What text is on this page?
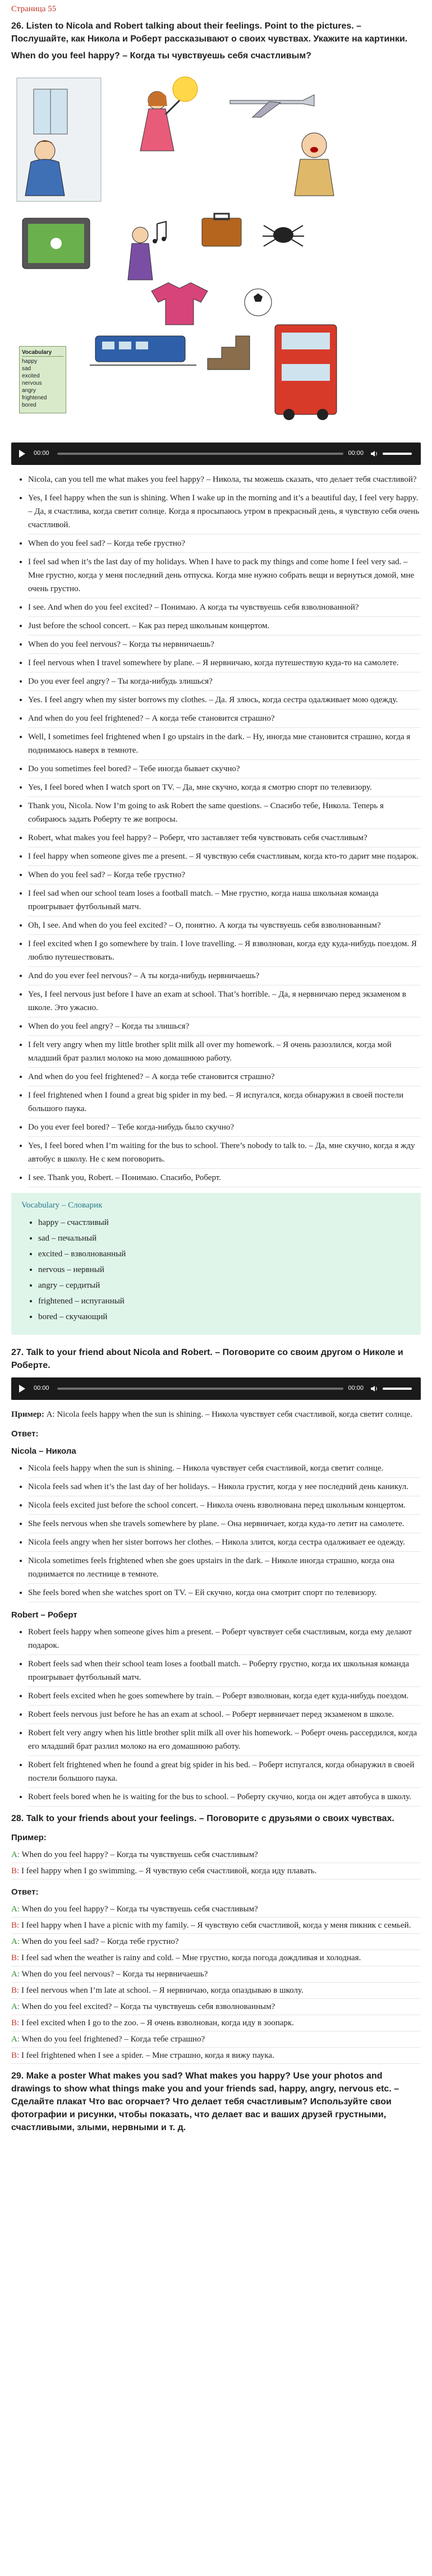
Страница 55
26. Listen to Nicola and Robert talking about their feelings. Point to the pictures. – Послушайте, как Никола и Роберт рассказывают о своих чувствах. Укажите на картинки.
When do you feel happy? – Когда ты чувствуешь себя счастливым?
Vocabulary
happy
sad
excited
nervous
angry
frightened
bored
00:00	00:00
• Nicola, can you tell me what makes you feel happy? – Никола, ты можешь сказать, что делает тебя счастливой?
• Yes, I feel happy when the sun is shining. When I wake up in the morning and it’s a beautiful day, I feel very happy. – Да, я счастлива, когда светит солнце. Когда я просыпаюсь утром в прекрасный день, я чувствую себя очень счастливой.
• When do you feel sad? – Когда тебе грустно?
• I feel sad when it’s the last day of my holidays. When I have to pack my things and come home I feel very sad. – Мне грустно, когда у меня последний день отпуска. Когда мне нужно собрать вещи и вернуться домой, мне очень грустно.
• I see. And when do you feel excited? – Понимаю. А когда ты чувствуешь себя взволнованной?
• Just before the school concert. – Как раз перед школьным концертом.
• When do you feel nervous? – Когда ты нервничаешь?
• I feel nervous when I travel somewhere by plane. – Я нервничаю, когда путешествую куда-то на самолете.
• Do you ever feel angry? – Ты когда-нибудь злишься?
• Yes. I feel angry when my sister borrows my clothes. – Да. Я злюсь, когда сестра одалживает мою одежду.
• And when do you feel frightened? – А когда тебе становится страшно?
• Well, I sometimes feel frightened when I go upstairs in the dark. – Ну, иногда мне становится страшно, когда я поднимаюсь наверх в темноте.
• Do you sometimes feel bored? – Тебе иногда бывает скучно?
• Yes, I feel bored when I watch sport on TV. – Да, мне скучно, когда я смотрю спорт по телевизору.
• Thank you, Nicola. Now I’m going to ask Robert the same questions. – Спасибо тебе, Никола. Теперь я собираюсь задать Роберту те же вопросы.
• Robert, what makes you feel happy? – Роберт, что заставляет тебя чувствовать себя счастливым?
• I feel happy when someone gives me a present. – Я чувствую себя счастливым, когда кто-то дарит мне подарок.
• When do you feel sad? – Когда тебе грустно?
• I feel sad when our school team loses a football match. – Мне грустно, когда наша школьная команда проигрывает футбольный матч.
• Oh, I see. And when do you feel excited? – О, понятно. А когда ты чувствуешь себя взволнованным?
• I feel excited when I go somewhere by train. I love travelling. – Я взволнован, когда еду куда-нибудь поездом. Я люблю путешествовать.
• And do you ever feel nervous? – А ты когда-нибудь нервничаешь?
• Yes, I feel nervous just before I have an exam at school. That’s horrible. – Да, я нервничаю перед экзаменом в школе. Это ужасно.
• When do you feel angry? – Когда ты злишься?
• I felt very angry when my little brother split milk all over my homework. – Я очень разозлился, когда мой младший брат разлил молоко на мою домашнюю работу.
• And when do you feel frightened? – А когда тебе становится страшно?
• I feel frightened when I found a great big spider in my bed. – Я испугался, когда обнаружил в своей постели большого паука.
• Do you ever feel bored? – Тебе когда-нибудь было скучно?
• Yes, I feel bored when I’m waiting for the bus to school. There’s nobody to talk to. – Да, мне скучно, когда я жду автобус в школу. Не с кем поговорить.
• I see. Thank you, Robert. – Понимаю. Спасибо, Роберт.
Vocabulary – Словарик
• happy – счастливый
• sad – печальный
• excited – взволнованный
• nervous – нервный
• angry – сердитый
• frightened – испуганный
• bored – скучающий
27. Talk to your friend about Nicola and Robert. – Поговорите со своим другом о Николе и Роберте.
00:00	00:00

Пример: A: Nicola feels happy when the sun is shining. – Никола чувствует себя счастливой, когда светит солнце.

Ответ:
Nicola – Никола
• Nicola feels happy when the sun is shining. – Никола чувствует себя счастливой, когда светит солнце.
• Nicola feels sad when it’s the last day of her holidays. – Никола грустит, когда у нее последний день каникул.
• Nicola feels excited just before the school concert. – Никола очень взволнована перед школьным концертом.
• She feels nervous when she travels somewhere by plane. – Она нервничает, когда куда-то летит на самолете.
• Nicola feels angry when her sister borrows her clothes. – Никола злится, когда сестра одалживает ее одежду.
• Nicola sometimes feels frightened when she goes upstairs in the dark. – Николе иногда страшно, когда она поднимается по лестнице в темноте.
• She feels bored when she watches sport on TV. – Ей скучно, когда она смотрит спорт по телевизору.
Robert – Роберт
• Robert feels happy when someone gives him a present. – Роберт чувствует себя счастливым, когда ему делают подарок.
• Robert feels sad when their school team loses a football match. – Роберту грустно, когда их школьная команда проигрывает футбольный матч.
• Robert feels excited when he goes somewhere by train. – Роберт взволнован, когда едет куда-нибудь поездом.
• Robert feels nervous just before he has an exam at school. – Роберт нервничает перед экзаменом в школе.
• Robert felt very angry when his little brother split milk all over his homework. – Роберт очень рассердился, когда его младший брат разлил молоко на его домашнюю работу.
• Robert felt frightened when he found a great big spider in his bed. – Роберт испугался, когда обнаружил в своей постели большого паука.
• Robert feels bored when he is waiting for the bus to school. – Роберту скучно, когда он ждет автобуса в школу.
28. Talk to your friends about your feelings. – Поговорите с друзьями о своих чувствах.
Пример:
A: When do you feel happy? – Когда ты чувствуешь себя счастливым?
B: I feel happy when I go swimming. – Я чувствую себя счастливой, когда иду плавать.
Ответ:
A: When do you feel happy? – Когда ты чувствуешь себя счастливым?
B: I feel happy when I have a picnic with my family. – Я чувствую себя счастливой, когда у меня пикник с семьей.
A: When do you feel sad? – Когда тебе грустно?
B: I feel sad when the weather is rainy and cold. – Мне грустно, когда погода дождливая и холодная.
A: When do you feel nervous? – Когда ты нервничаешь?
B: I feel nervous when I’m late at school. – Я нервничаю, когда опаздываю в школу.
A: When do you feel excited? – Когда ты чувствуешь себя взволнованным?
B: I feel excited when I go to the zoo. – Я очень взволнован, когда иду в зоопарк.
A: When do you feel frightened? – Когда тебе страшно?
B: I feel frightened when I see a spider. – Мне страшно, когда я вижу паука.
29. Make a poster What makes you sad? What makes you happy? Use your photos and drawings to show what things make you and your friends sad, happy, angry, nervous etc. – Сделайте плакат Что вас огорчает? Что делает тебя счастливым? Используйте свои фотографии и рисунки, чтобы показать, что делает вас и ваших друзей грустными, счастливыми, злыми, нервными и т. д.
